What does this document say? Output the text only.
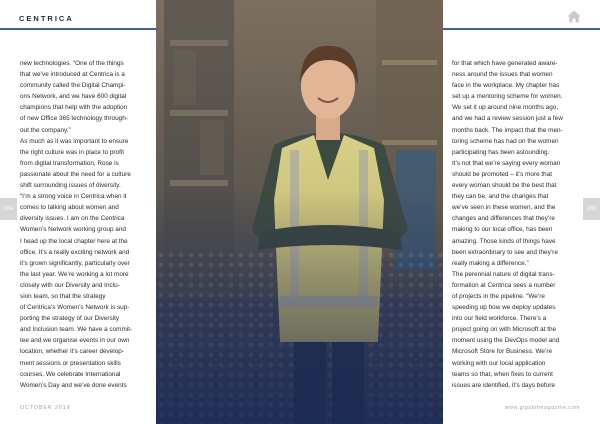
CENTRICA
new technologies. “One of the things
that we’ve introduced at Centrica is a
community called the Digital Champi-
ons Network, and we have 600 digital
champions that help with the adoption
of new Office 365 technology through-
out the company.”
As much as it was important to ensure
the right culture was in place to profit
from digital transformation, Rose is
passionate about the need for a culture
shift surrounding issues of diversity.
“I’m a strong voice in Centrica when it
comes to talking about women and
diversity issues. I am on the Centrica
Women’s Network working group and
I head up the local chapter here at the
office. It’s a really exciting network and
it’s grown significantly, particularly over
the last year. We’re working a lot more
closely with our Diversity and Inclu-
sion team, so that the strategy
of Centrica’s Women’s Network is sup-
porting the strategy of our Diversity
and Inclusion team. We have a commit-
tee and we organise events in our own
location, whether it’s career develop-
ment sessions or presentation skills
courses. We celebrate International
Women’s Day and we’ve done events
for that which have generated aware-
ness around the issues that women
face in the workplace. My chapter has
set up a mentoring scheme for women.
We set it up around nine months ago,
and we had a review session just a few
months back. The impact that the men-
toring scheme has had on the women
participating has been astounding.
It’s not that we’re saying every woman
should be promoted – it’s more that
every woman should be the best that
they can be, and the changes that
we’ve seen in these women, and the
changes and differences that they’re
making to our local office, has been
amazing. Those kinds of things have
been extraordinary to see and they’re
really making a difference.”
The perennial nature of digital trans-
formation at Centrica sees a number
of projects in the pipeline. “We’re
speeding up how we deploy updates
into our field workforce. There’s a
project going on with Microsoft at the
moment using the DevOps model and
Microsoft Store for Business. We’re
working with our local application
teams so that, when fixes to current
issues are identified, it’s days before
264	265
OCTOBER 2019	www.gigabitmagazine.com
